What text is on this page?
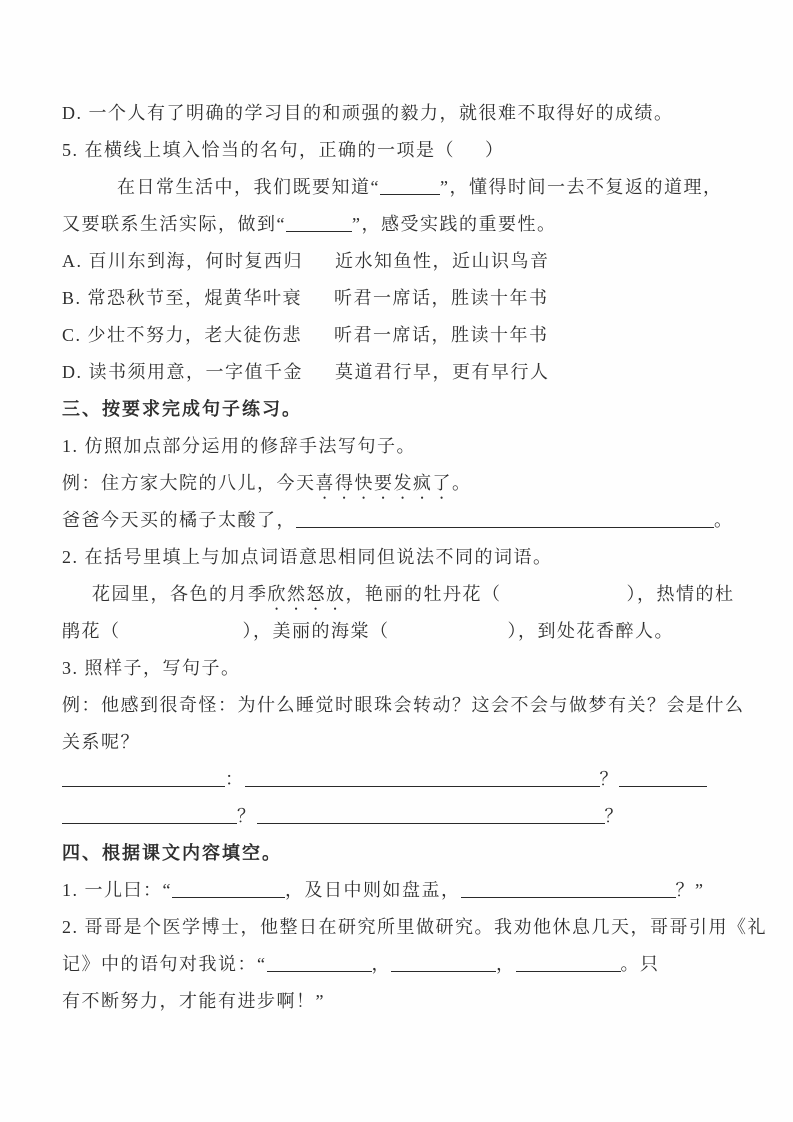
D. 一个人有了明确的学习目的和顽强的毅力，就很难不取得好的成绩。
5. 在横线上填入恰当的名句，正确的一项是（ ）
在日常生活中，我们既要知道“	”，懂得时间一去不复返的道理，
又要联系生活实际，做到“	”，感受实践的重要性。
A. 百川东到海，何时复西归 近水知鱼性，近山识鸟音
B. 常恐秋节至，焜黄华叶衰 听君一席话，胜读十年书
C. 少壮不努力，老大徒伤悲 听君一席话，胜读十年书
D. 读书须用意，一字值千金 莫道君行早，更有早行人
三、按要求完成句子练习。
1. 仿照加点部分运用的修辞手法写句子。
例：住方家大院的八儿，今天喜得快要发疯了。
爸爸今天买的橘子太酸了，	。
2. 在括号里填上与加点词语意思相同但说法不同的词语。
花园里，各色的月季欣然怒放，艳丽的牡丹花（	），热情的杜
鹃花（	），美丽的海棠（	），到处花香醉人。
3. 照样子，写句子。
例：他感到很奇怪：为什么睡觉时眼珠会转动？这会不会与做梦有关？会是什么
关系呢？
：	？
？	？
四、根据课文内容填空。
1. 一儿曰：“	，及日中则如盘盂，	？”
2. 哥哥是个医学博士，他整日在研究所里做研究。我劝他休息几天，哥哥引用《礼
记》中的语句对我说：“	，	，	。只
有不断努力，才能有进步啊！”
